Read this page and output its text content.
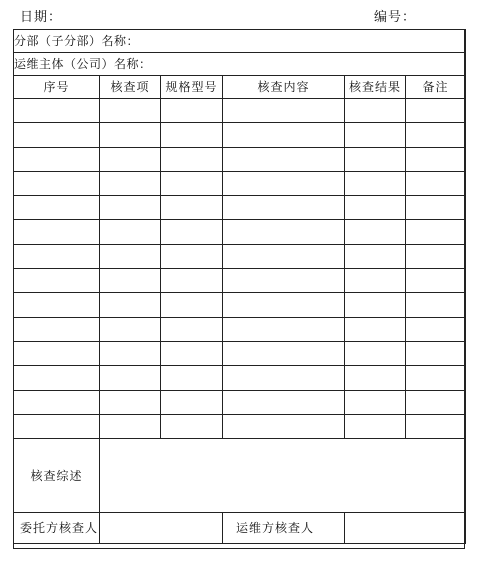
日期：	编号：
分部（子分部）名称：					
运维主体（公司）名称：					
序号	核查项	规格型号	核查内容	核查结果	备注

核查综述					
委托方核查人			运维方核查人		
